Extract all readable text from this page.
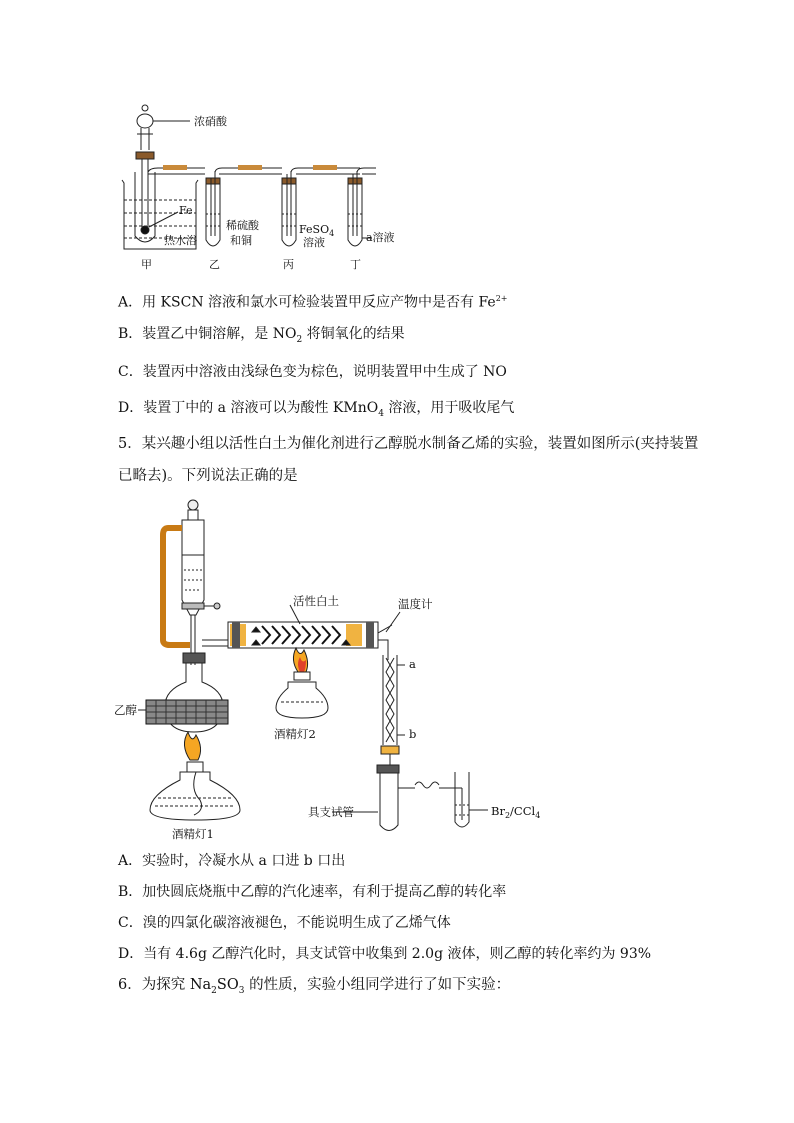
浓硝酸
Fe
热水浴
稀硫酸
和铜
FeSO$_4$
溶液	a溶液
甲	乙	丙	丁
A．用 KSCN 溶液和氯水可检验装置甲反应产物中是否有 $Fe^{2+}$
B．装置乙中铜溶解，是 $NO_2$ 将铜氧化的结果
C．装置丙中溶液由浅绿色变为棕色，说明装置甲中生成了 NO
D．装置丁中的 a 溶液可以为酸性 KMnO$_4$ 溶液，用于吸收尾气
5．某兴趣小组以活性白土为催化剂进行乙醇脱水制备乙烯的实验，装置如图所示(夹持装置
已略去)。下列说法正确的是
活性白土	温度计
a
b
乙醇
酒精灯2
酒精灯1
具支试管	$Br_2/CCl_4$
A．实验时，冷凝水从 a 口进 b 口出
B．加快圆底烧瓶中乙醇的汽化速率，有利于提高乙醇的转化率
C．溴的四氯化碳溶液褪色，不能说明生成了乙烯气体
D．当有 4.6g 乙醇汽化时，具支试管中收集到 2.0g 液体，则乙醇的转化率约为 93%
6．为探究 $Na_2SO_3$ 的性质，实验小组同学进行了如下实验：
